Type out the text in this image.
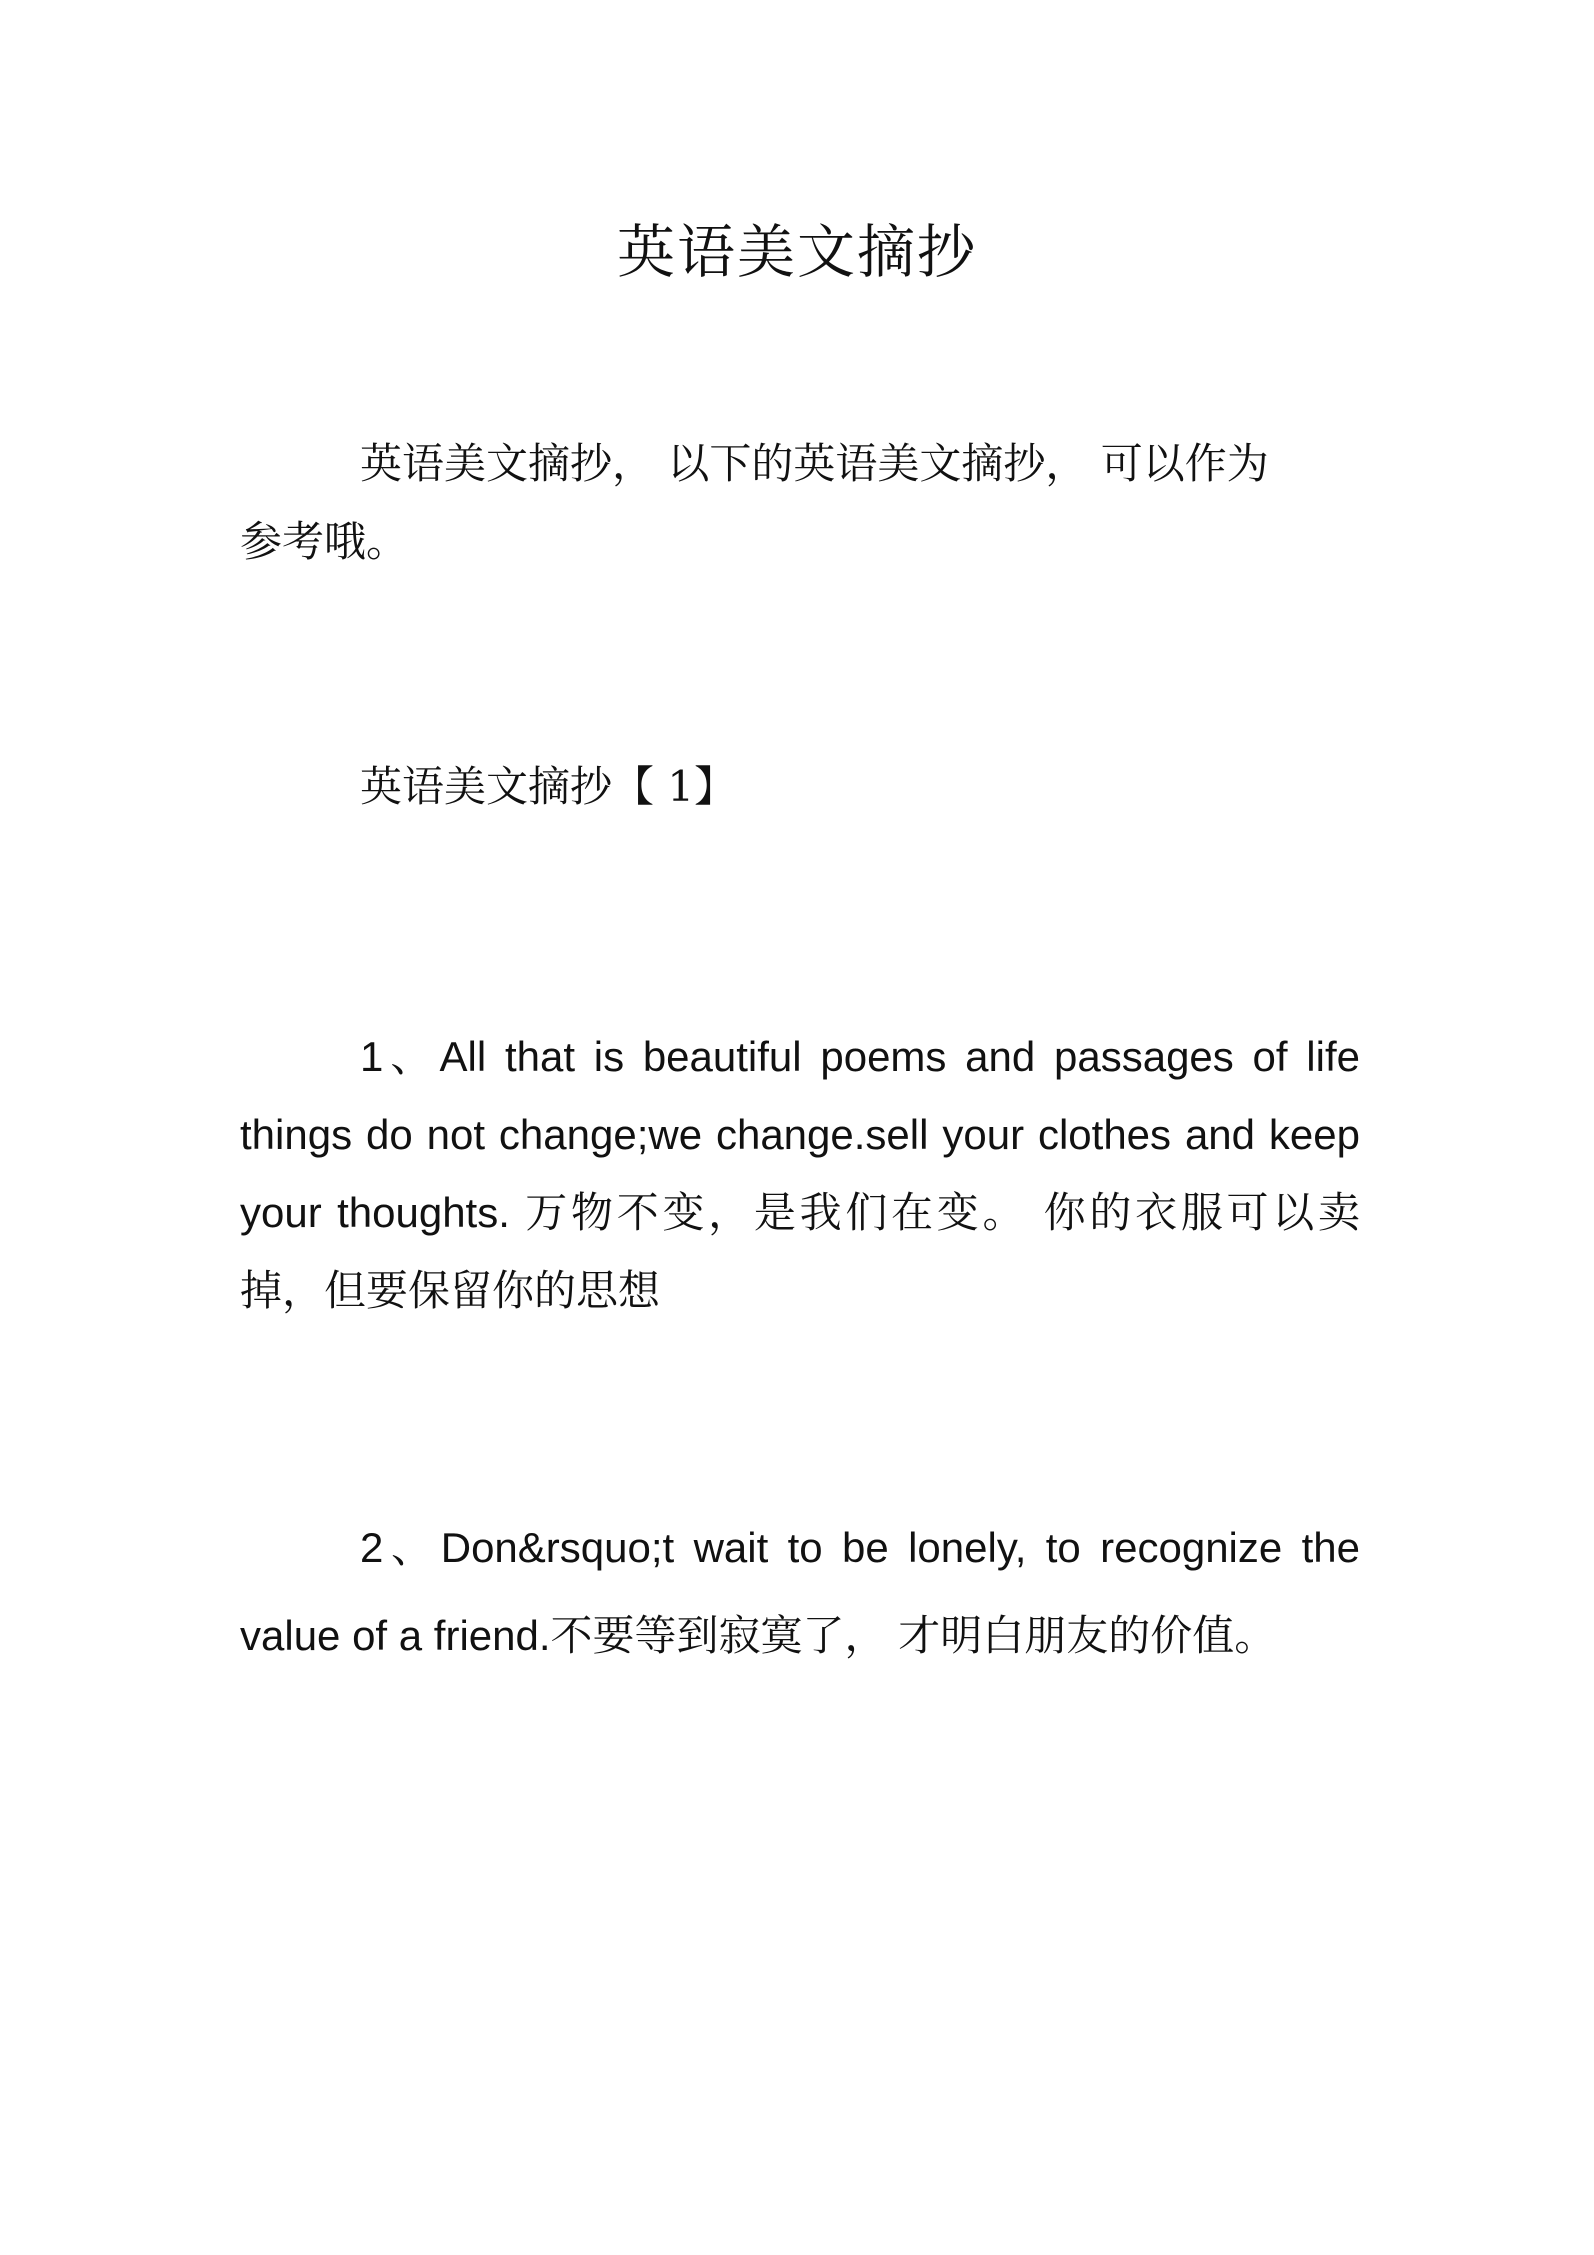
英语美文摘抄

英语美文摘抄， 以下的英语美文摘抄， 可以作为参考哦。

英语美文摘抄【 1】

1、All that is beautiful poems and passages of life things do not change;we change.sell your clothes and keep your thoughts. 万物不变，是我们在变。 你的衣服可以卖掉，但要保留你的思想

2、Don&rsquo;t wait to be lonely, to recognize the value of a friend.不要等到寂寞了， 才明白朋友的价值。
